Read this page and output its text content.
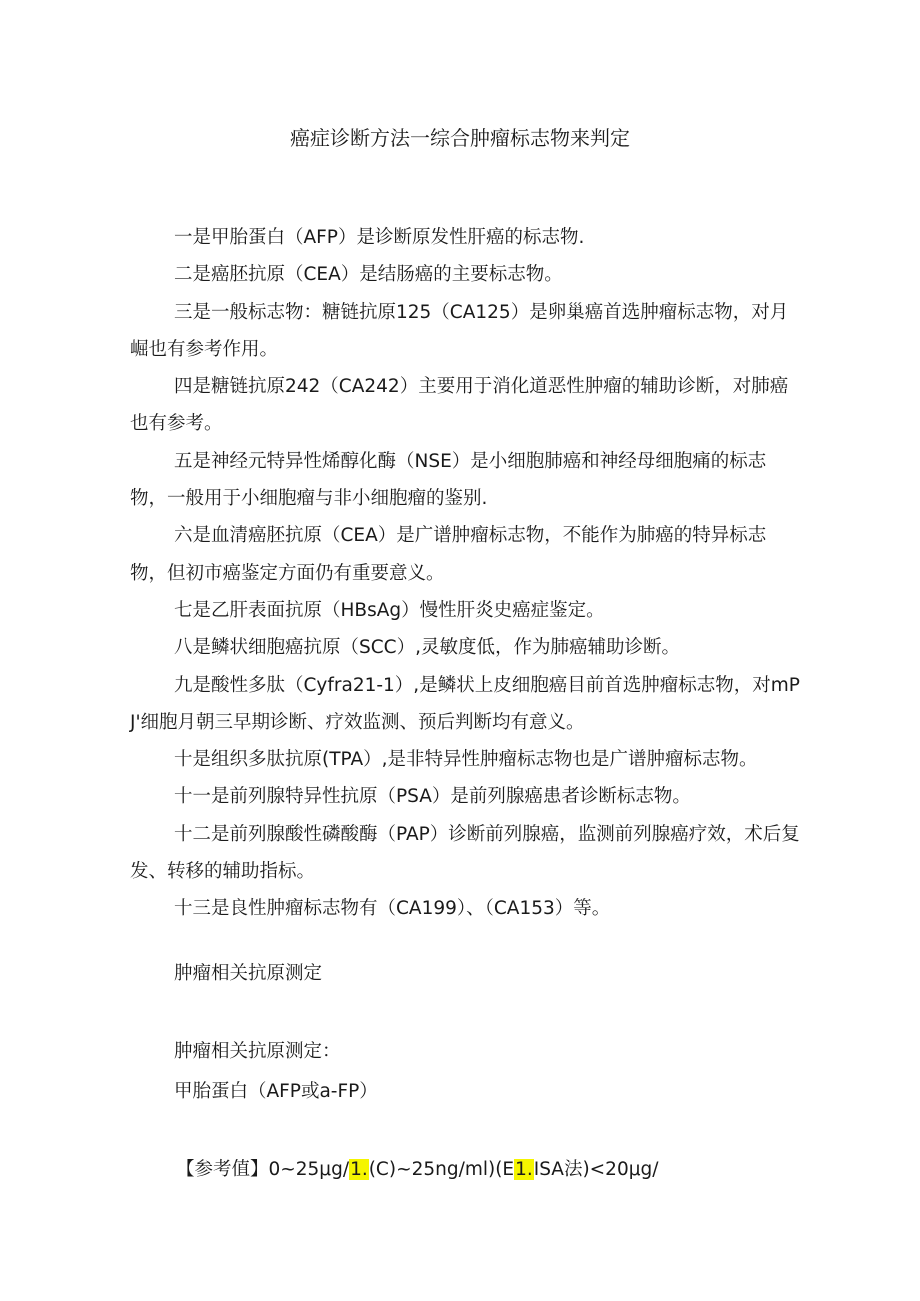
癌症诊断方法一综合肿瘤标志物来判定

一是甲胎蛋白（AFP）是诊断原发性肝癌的标志物.

二是癌胚抗原（CEA）是结肠癌的主要标志物。

三是一般标志物：糖链抗原125（CA125）是卵巢癌首选肿瘤标志物，对月崛也有参考作用。

四是糖链抗原242（CA242）主要用于消化道恶性肿瘤的辅助诊断，对肺癌也有参考。

五是神经元特异性烯醇化酶（NSE）是小细胞肺癌和神经母细胞痛的标志物，一般用于小细胞瘤与非小细胞瘤的鉴别.

六是血清癌胚抗原（CEA）是广谱肿瘤标志物，不能作为肺癌的特异标志物，但初市癌鉴定方面仍有重要意义。

七是乙肝表面抗原（HBsAg）慢性肝炎史癌症鉴定。

八是鳞状细胞癌抗原（SCC）,灵敏度低，作为肺癌辅助诊断。

九是酸性多肽（Cyfra21-1）,是鳞状上皮细胞癌目前首选肿瘤标志物，对mPJ'细胞月朝三早期诊断、疗效监测、预后判断均有意义。

十是组织多肽抗原(TPA）,是非特异性肿瘤标志物也是广谱肿瘤标志物。

十一是前列腺特异性抗原（PSA）是前列腺癌患者诊断标志物。

十二是前列腺酸性磷酸酶（PAP）诊断前列腺癌，监测前列腺癌疗效，术后复发、转移的辅助指标。

十三是良性肿瘤标志物有（CA199）、（CA153）等。

肿瘤相关抗原测定
肿瘤相关抗原测定：
甲胎蛋白（AFP或a-FP）
【参考值】0~25μg/1.(C)~25ng/ml)(E1.ISA法)<20μg/
